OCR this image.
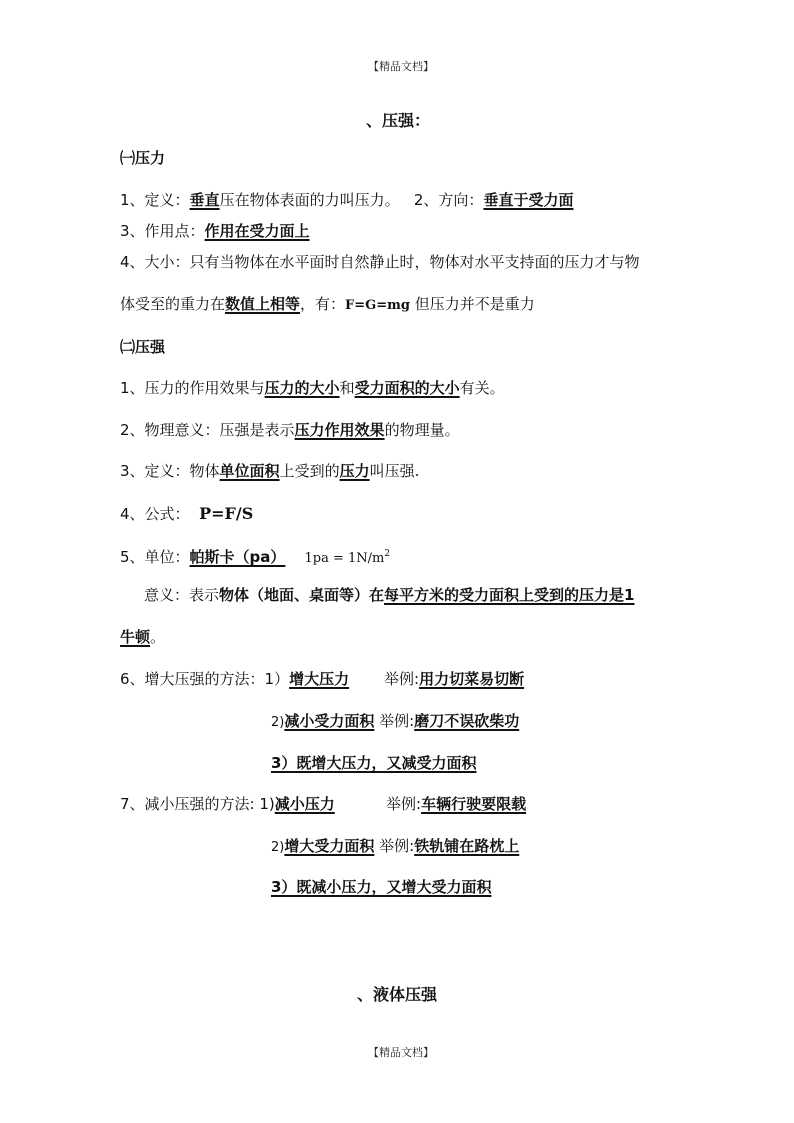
【精品文档】
、压强：
㈠压力
1、定义：垂直压在物体表面的力叫压力。 2、方向：垂直于受力面
3、作用点：作用在受力面上
4、大小：只有当物体在水平面时自然静止时，物体对水平支持面的压力才与物
体受至的重力在数值上相等，有：F=G=mg 但压力并不是重力
㈡压强
1、压力的作用效果与压力的大小和受力面积的大小有关。
2、物理意义：压强是表示压力作用效果的物理量。
3、定义：物体单位面积上受到的压力叫压强.
4、公式： P=F/S
5、单位：帕斯卡（pa） $1pa = 1N/m^2$
意义：表示物体（地面、桌面等）在每平方米的受力面积上受到的压力是1
牛顿。
6、增大压强的方法：1）增大压力 举例:用力切菜易切断
2)减小受力面积 举例:磨刀不误砍柴功
3）既增大压力，又减受力面积
7、减小压强的方法: 1)减小压力	举例:车辆行驶要限载
2)增大受力面积 举例:铁轨铺在路枕上
3）既减小压力，又增大受力面积
、液体压强
【精品文档】
